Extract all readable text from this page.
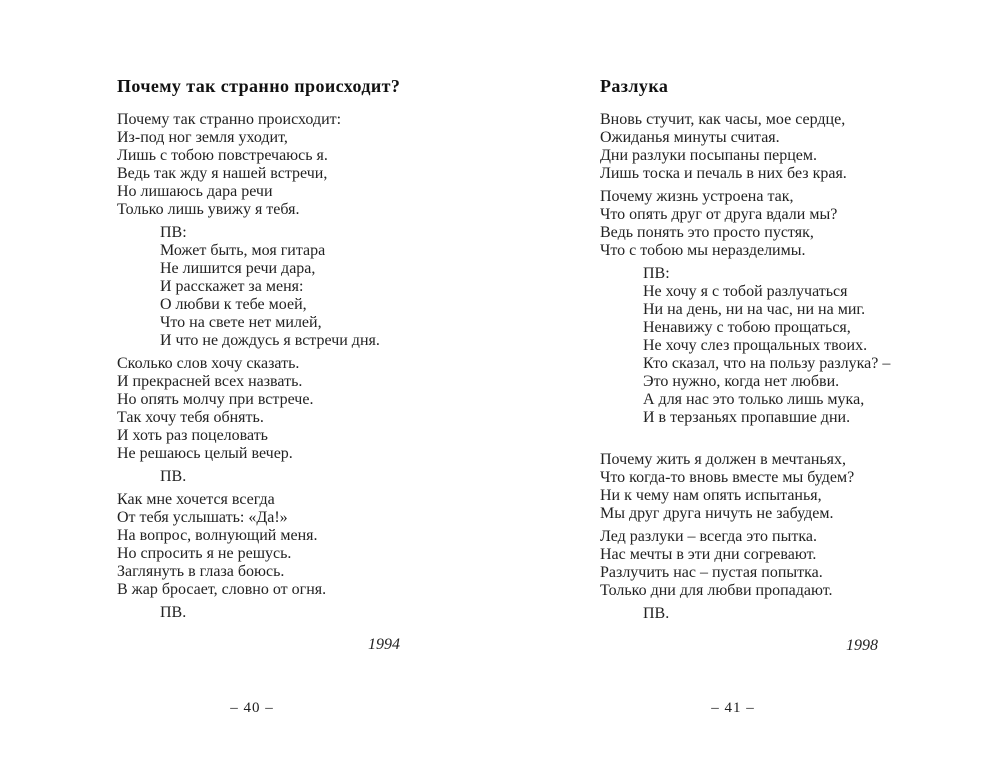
Почему так странно происходит?
Почему так странно происходит:
Из-под ног земля уходит,
Лишь с тобою повстречаюсь я.
Ведь так жду я нашей встречи,
Но лишаюсь дара речи
Только лишь увижу я тебя.
ПВ:
Может быть, моя гитара
Не лишится речи дара,
И расскажет за меня:
О любви к тебе моей,
Что на свете нет милей,
И что не дождусь я встречи дня.
Сколько слов хочу сказать.
И прекрасней всех назвать.
Но опять молчу при встрече.
Так хочу тебя обнять.
И хоть раз поцеловать
Не решаюсь целый вечер.
ПВ.
Как мне хочется всегда
От тебя услышать: «Да!»
На вопрос, волнующий меня.
Но спросить я не решусь.
Заглянуть в глаза боюсь.
В жар бросает, словно от огня.
ПВ.
1994
Разлука
Вновь стучит, как часы, мое сердце,
Ожиданья минуты считая.
Дни разлуки посыпаны перцем.
Лишь тоска и печаль в них без края.
Почему жизнь устроена так,
Что опять друг от друга вдали мы?
Ведь понять это просто пустяк,
Что с тобою мы неразделимы.
ПВ:
Не хочу я с тобой разлучаться
Ни на день, ни на час, ни на миг.
Ненавижу с тобою прощаться,
Не хочу слез прощальных твоих.
Кто сказал, что на пользу разлука? –
Это нужно, когда нет любви.
А для нас это только лишь мука,
И в терзаньях пропавшие дни.
Почему жить я должен в мечтаньях,
Что когда-то вновь вместе мы будем?
Ни к чему нам опять испытанья,
Мы друг друга ничуть не забудем.
Лед разлуки – всегда это пытка.
Нас мечты в эти дни согревают.
Разлучить нас – пустая попытка.
Только дни для любви пропадают.
ПВ.
1998
– 40 –	– 41 –
